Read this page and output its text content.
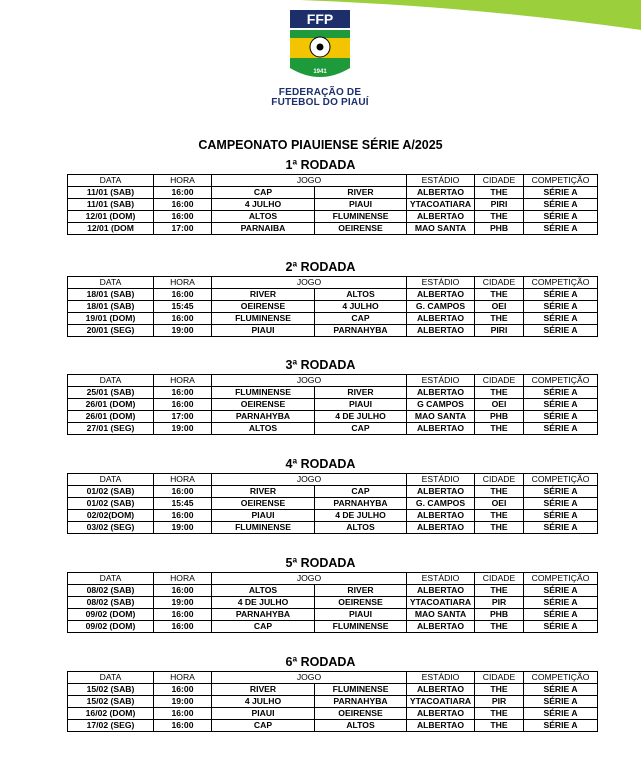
FFP
1941
FEDERAÇÃO DE
FUTEBOL DO PIAUÍ
CAMPEONATO PIAUIENSE SÉRIE A/2025
1ª RODADA
DATA	HORA	JOGO		ESTÁDIO	CIDADE	COMPETIÇÃO
11/01 (SAB)	16:00	CAP	RIVER	ALBERTAO	THE	SÉRIE A
11/01 (SAB)	16:00	4 JULHO	PIAUI	YTACOATIARA	PIRI	SÉRIE A
12/01 (DOM)	16:00	ALTOS	FLUMINENSE	ALBERTAO	THE	SÉRIE A
12/01 (DOM	17:00	PARNAIBA	OEIRENSE	MAO SANTA	PHB	SÉRIE A
2ª RODADA
DATA	HORA	JOGO		ESTÁDIO	CIDADE	COMPETIÇÃO
18/01 (SAB)	16:00	RIVER	ALTOS	ALBERTAO	THE	SÉRIE A
18/01 (SAB)	15:45	OEIRENSE	4 JULHO	G. CAMPOS	OEI	SÉRIE A
19/01 (DOM)	16:00	FLUMINENSE	CAP	ALBERTAO	THE	SÉRIE A
20/01 (SEG)	19:00	PIAUI	PARNAHYBA	ALBERTAO	PIRI	SÉRIE A
3ª RODADA
DATA	HORA	JOGO		ESTÁDIO	CIDADE	COMPETIÇÃO
25/01 (SAB)	16:00	FLUMINENSE	RIVER	ALBERTAO	THE	SÉRIE A
26/01 (DOM)	16:00	OEIRENSE	PIAUI	G CAMPOS	OEI	SÉRIE A
26/01 (DOM)	17:00	PARNAHYBA	4 DE JULHO	MAO SANTA	PHB	SÉRIE A
27/01 (SEG)	19:00	ALTOS	CAP	ALBERTAO	THE	SÉRIE A
4ª RODADA
DATA	HORA	JOGO		ESTÁDIO	CIDADE	COMPETIÇÃO
01/02 (SAB)	16:00	RIVER	CAP	ALBERTAO	THE	SÉRIE A
01/02 (SAB)	15:45	OEIRENSE	PARNAHYBA	G. CAMPOS	OEI	SÉRIE A
02/02(DOM)	16:00	PIAUI	4 DE JULHO	ALBERTAO	THE	SÉRIE A
03/02 (SEG)	19:00	FLUMINENSE	ALTOS	ALBERTAO	THE	SÉRIE A
5ª RODADA
DATA	HORA	JOGO		ESTÁDIO	CIDADE	COMPETIÇÃO
08/02 (SAB)	16:00	ALTOS	RIVER	ALBERTAO	THE	SÉRIE A
08/02 (SAB)	19:00	4 DE JULHO	OEIRENSE	YTACOATIARA	PIR	SÉRIE A
09/02 (DOM)	16:00	PARNAHYBA	PIAUI	MAO SANTA	PHB	SÉRIE A
09/02 (DOM)	16:00	CAP	FLUMINENSE	ALBERTAO	THE	SÉRIE A
6ª RODADA
DATA	HORA	JOGO		ESTÁDIO	CIDADE	COMPETIÇÃO
15/02 (SAB)	16:00	RIVER	FLUMINENSE	ALBERTAO	THE	SÉRIE A
15/02 (SAB)	19:00	4 JULHO	PARNAHYBA	YTACOATIARA	PIR	SÉRIE A
16/02 (DOM)	16:00	PIAUI	OEIRENSE	ALBERTAO	THE	SÉRIE A
17/02 (SEG)	16:00	CAP	ALTOS	ALBERTAO	THE	SÉRIE A
